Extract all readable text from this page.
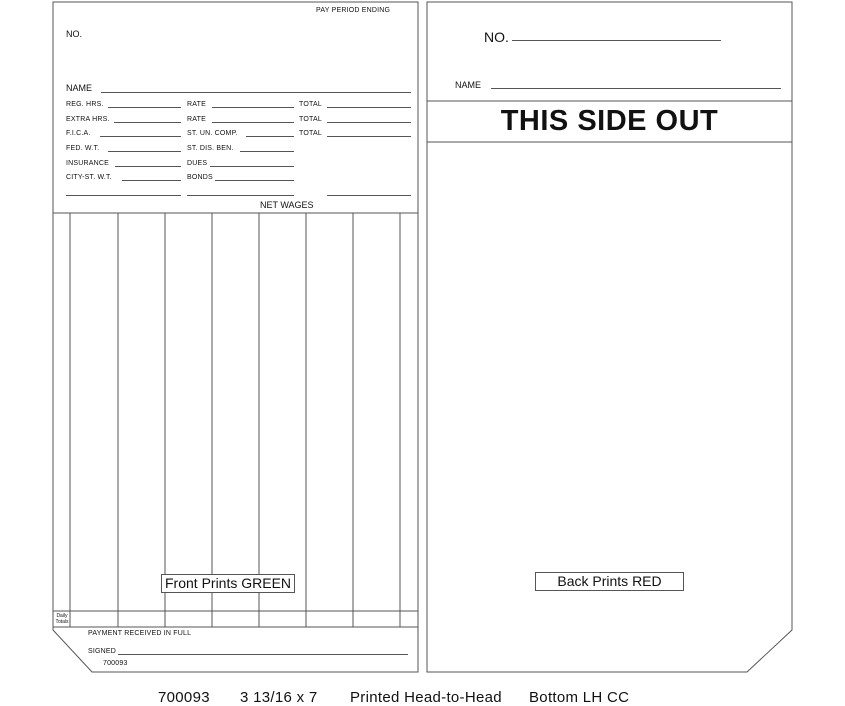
PAY PERIOD ENDING
NO.
NAME
REG. HRS.	RATE	TOTAL
EXTRA HRS.	RATE	TOTAL
F.I.C.A.	ST. UN. COMP.	TOTAL
FED. W.T.	ST. DIS. BEN.
INSURANCE	DUES
CITY-ST. W.T.	BONDS
NET WAGES
Daily Totals
Front Prints GREEN
PAYMENT RECEIVED IN FULL
SIGNED
700093
NO.
NAME
THIS SIDE OUT
Back Prints RED
700093 3 13/16 x 7 Printed Head-to-Head Bottom LH CC
